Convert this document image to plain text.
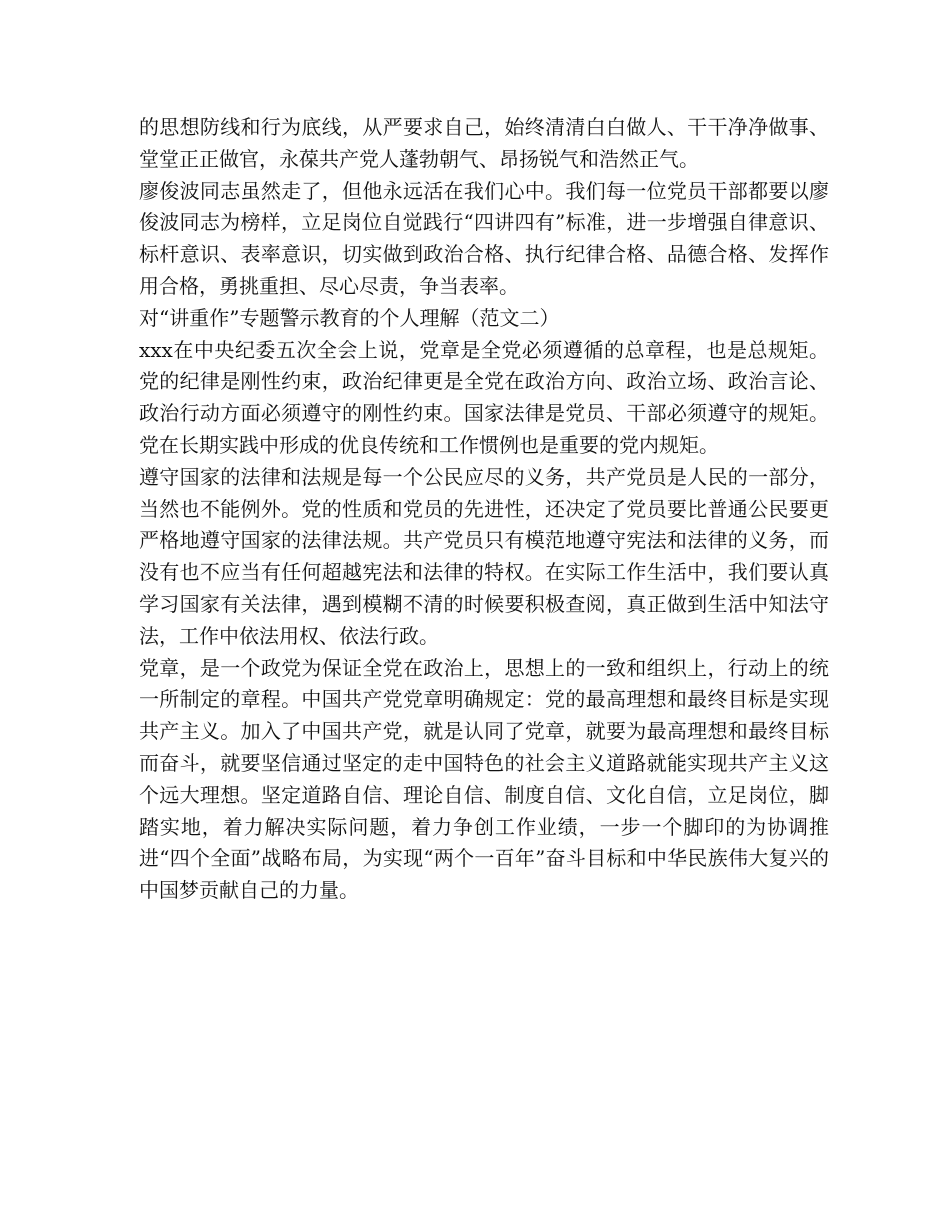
的思想防线和行为底线，从严要求自己，始终清清白白做人、干干净净做事、堂堂正正做官，永葆共产党人蓬勃朝气、昂扬锐气和浩然正气。

廖俊波同志虽然走了，但他永远活在我们心中。我们每一位党员干部都要以廖俊波同志为榜样，立足岗位自觉践行“四讲四有”标准，进一步增强自律意识、标杆意识、表率意识，切实做到政治合格、执行纪律合格、品德合格、发挥作用合格，勇挑重担、尽心尽责，争当表率。

对“讲重作”专题警示教育的个人理解（范文二）

xxx在中央纪委五次全会上说，党章是全党必须遵循的总章程，也是总规矩。党的纪律是刚性约束，政治纪律更是全党在政治方向、政治立场、政治言论、政治行动方面必须遵守的刚性约束。国家法律是党员、干部必须遵守的规矩。党在长期实践中形成的优良传统和工作惯例也是重要的党内规矩。

遵守国家的法律和法规是每一个公民应尽的义务，共产党员是人民的一部分，当然也不能例外。党的性质和党员的先进性，还决定了党员要比普通公民要更严格地遵守国家的法律法规。共产党员只有模范地遵守宪法和法律的义务，而没有也不应当有任何超越宪法和法律的特权。在实际工作生活中，我们要认真学习国家有关法律，遇到模糊不清的时候要积极查阅，真正做到生活中知法守法，工作中依法用权、依法行政。

党章，是一个政党为保证全党在政治上，思想上的一致和组织上，行动上的统一所制定的章程。中国共产党党章明确规定：党的最高理想和最终目标是实现共产主义。加入了中国共产党，就是认同了党章，就要为最高理想和最终目标而奋斗，就要坚信通过坚定的走中国特色的社会主义道路就能实现共产主义这个远大理想。坚定道路自信、理论自信、制度自信、文化自信，立足岗位，脚踏实地，着力解决实际问题，着力争创工作业绩，一步一个脚印的为协调推进“四个全面”战略布局，为实现“两个一百年”奋斗目标和中华民族伟大复兴的中国梦贡献自己的力量。
